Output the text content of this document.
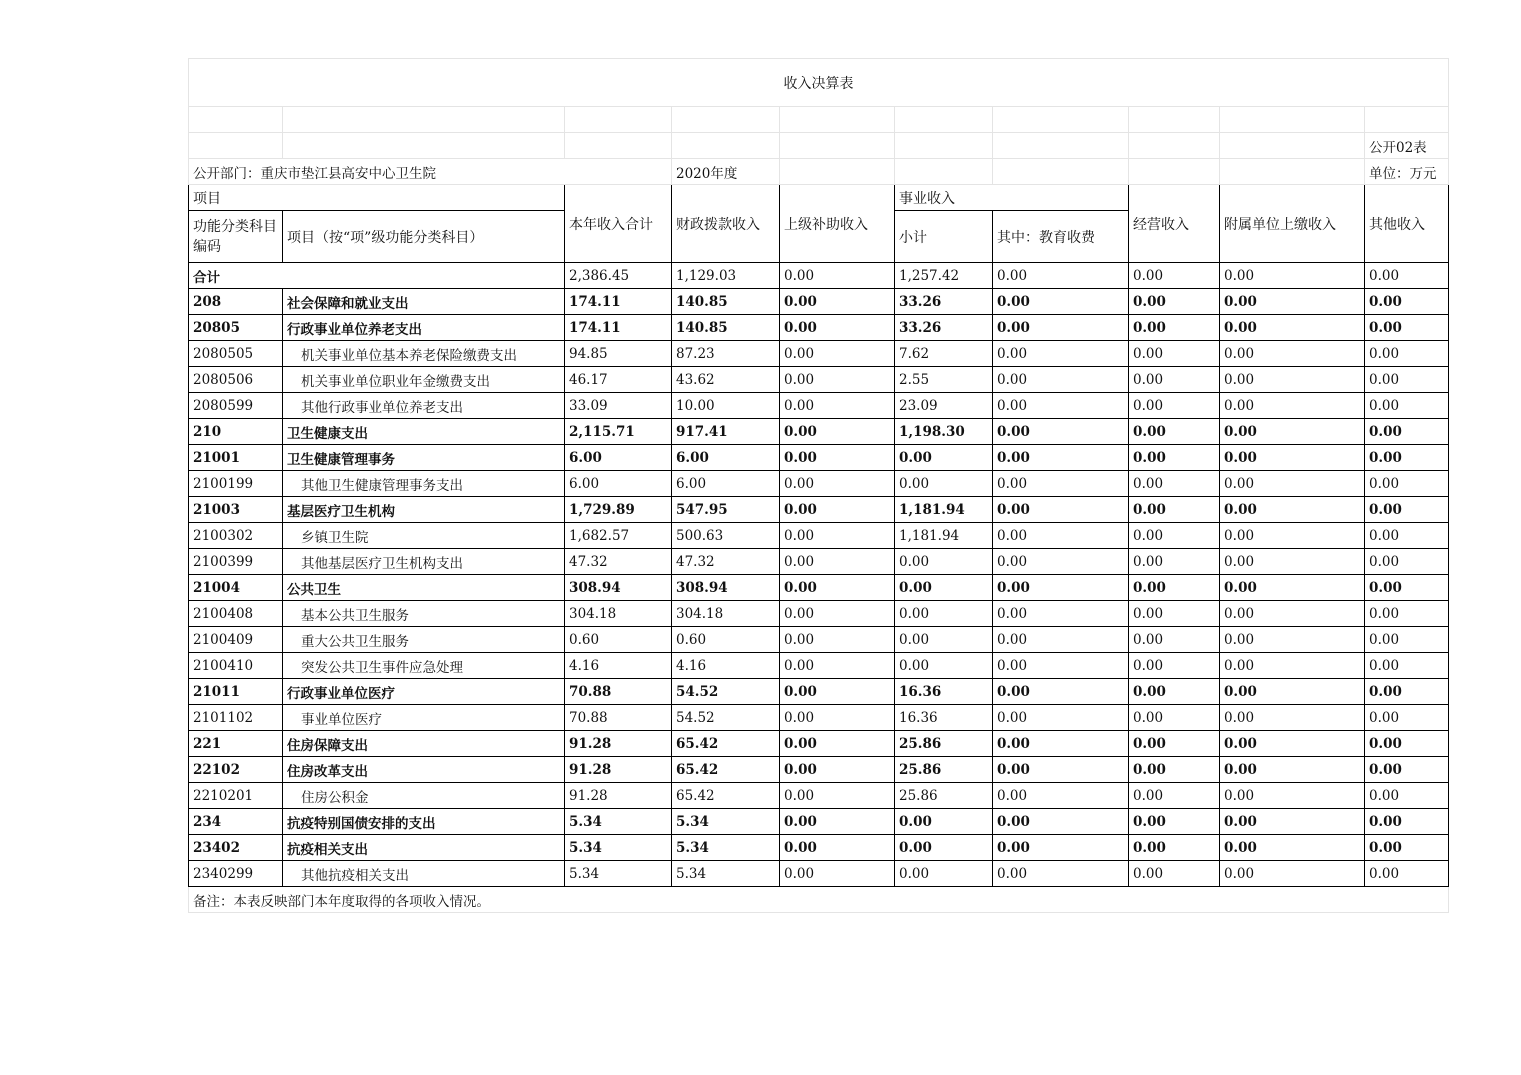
收入决算表									

									公开02表
公开部门：重庆市垫江县高安中心卫生院			2020年度						单位：万元
项目		本年收入合计	财政拨款收入	上级补助收入	事业收入		经营收入	附属单位上缴收入	其他收入
功能分类科目编码	项目（按“项”级功能分类科目）								
					小计	其中：教育收费			
合计		2,386.45	1,129.03	0.00	1,257.42	0.00	0.00	0.00	0.00
208	社会保障和就业支出	174.11	140.85	0.00	33.26	0.00	0.00	0.00	0.00
20805	行政事业单位养老支出	174.11	140.85	0.00	33.26	0.00	0.00	0.00	0.00
2080505	机关事业单位基本养老保险缴费支出	94.85	87.23	0.00	7.62	0.00	0.00	0.00	0.00
2080506	机关事业单位职业年金缴费支出	46.17	43.62	0.00	2.55	0.00	0.00	0.00	0.00
2080599	其他行政事业单位养老支出	33.09	10.00	0.00	23.09	0.00	0.00	0.00	0.00
210	卫生健康支出	2,115.71	917.41	0.00	1,198.30	0.00	0.00	0.00	0.00
21001	卫生健康管理事务	6.00	6.00	0.00	0.00	0.00	0.00	0.00	0.00
2100199	其他卫生健康管理事务支出	6.00	6.00	0.00	0.00	0.00	0.00	0.00	0.00
21003	基层医疗卫生机构	1,729.89	547.95	0.00	1,181.94	0.00	0.00	0.00	0.00
2100302	乡镇卫生院	1,682.57	500.63	0.00	1,181.94	0.00	0.00	0.00	0.00
2100399	其他基层医疗卫生机构支出	47.32	47.32	0.00	0.00	0.00	0.00	0.00	0.00
21004	公共卫生	308.94	308.94	0.00	0.00	0.00	0.00	0.00	0.00
2100408	基本公共卫生服务	304.18	304.18	0.00	0.00	0.00	0.00	0.00	0.00
2100409	重大公共卫生服务	0.60	0.60	0.00	0.00	0.00	0.00	0.00	0.00
2100410	突发公共卫生事件应急处理	4.16	4.16	0.00	0.00	0.00	0.00	0.00	0.00
21011	行政事业单位医疗	70.88	54.52	0.00	16.36	0.00	0.00	0.00	0.00
2101102	事业单位医疗	70.88	54.52	0.00	16.36	0.00	0.00	0.00	0.00
221	住房保障支出	91.28	65.42	0.00	25.86	0.00	0.00	0.00	0.00
22102	住房改革支出	91.28	65.42	0.00	25.86	0.00	0.00	0.00	0.00
2210201	住房公积金	91.28	65.42	0.00	25.86	0.00	0.00	0.00	0.00
234	抗疫特别国债安排的支出	5.34	5.34	0.00	0.00	0.00	0.00	0.00	0.00
23402	抗疫相关支出	5.34	5.34	0.00	0.00	0.00	0.00	0.00	0.00
2340299	其他抗疫相关支出	5.34	5.34	0.00	0.00	0.00	0.00	0.00	0.00
备注：本表反映部门本年度取得的各项收入情况。									
